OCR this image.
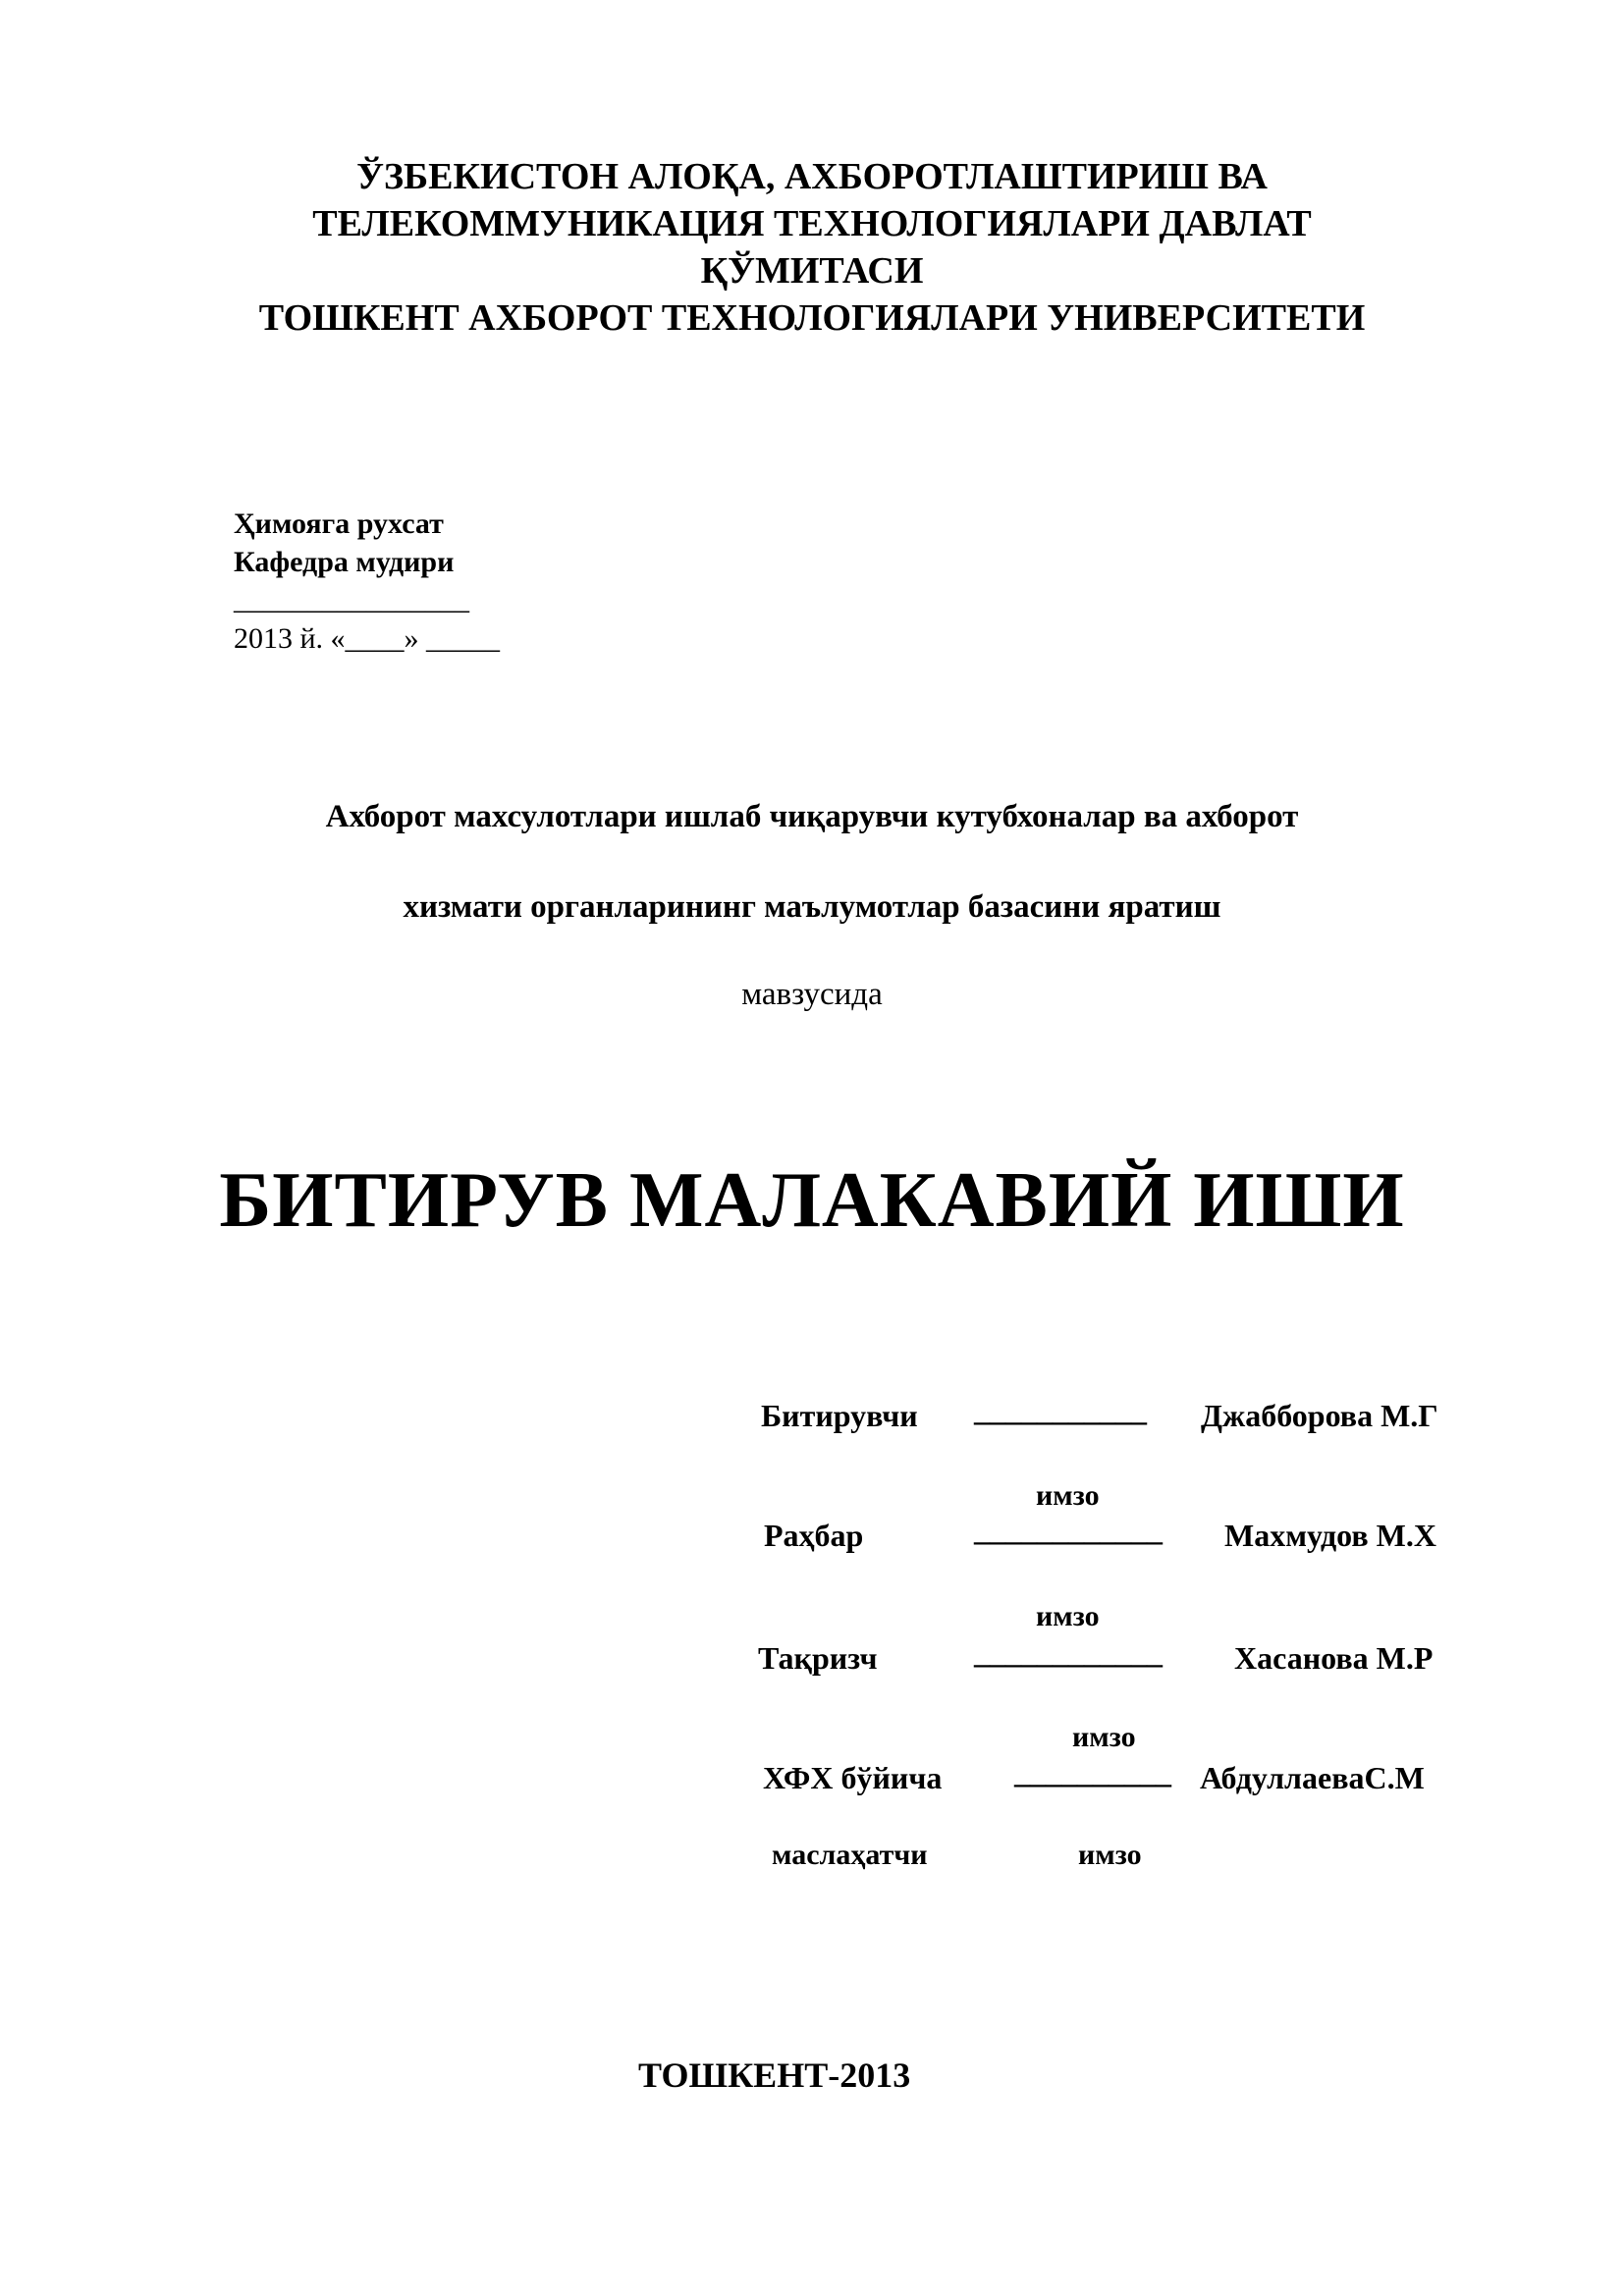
ЎЗБЕКИСТОН АЛОҚА, АХБОРОТЛАШТИРИШ ВА
ТЕЛЕКОММУНИКАЦИЯ ТЕХНОЛОГИЯЛАРИ ДАВЛАТ
ҚЎМИТАСИ
ТОШКЕНТ АХБОРОТ ТЕХНОЛОГИЯЛАРИ УНИВЕРСИТЕТИ
Ҳимояга рухсат
Кафедра мудири
________________
2013 й. «____» _____
Ахборот махсулотлари ишлаб чиқарувчи кутубхоналар ва ахборот
хизмати органларининг маълумотлар базасини яратиш
мавзусида
БИТИРУВ МАЛАКАВИЙ ИШИ
Битирувчи ___________ Джабборова М.Г
имзо
Раҳбар	____________ Махмудов М.Х
имзо
Тақризч	____________ Хасанова М.Р
имзо
ХФХ бўйича __________ АбдуллаеваС.М
маслаҳатчи	имзо
ТОШКЕНТ-2013
